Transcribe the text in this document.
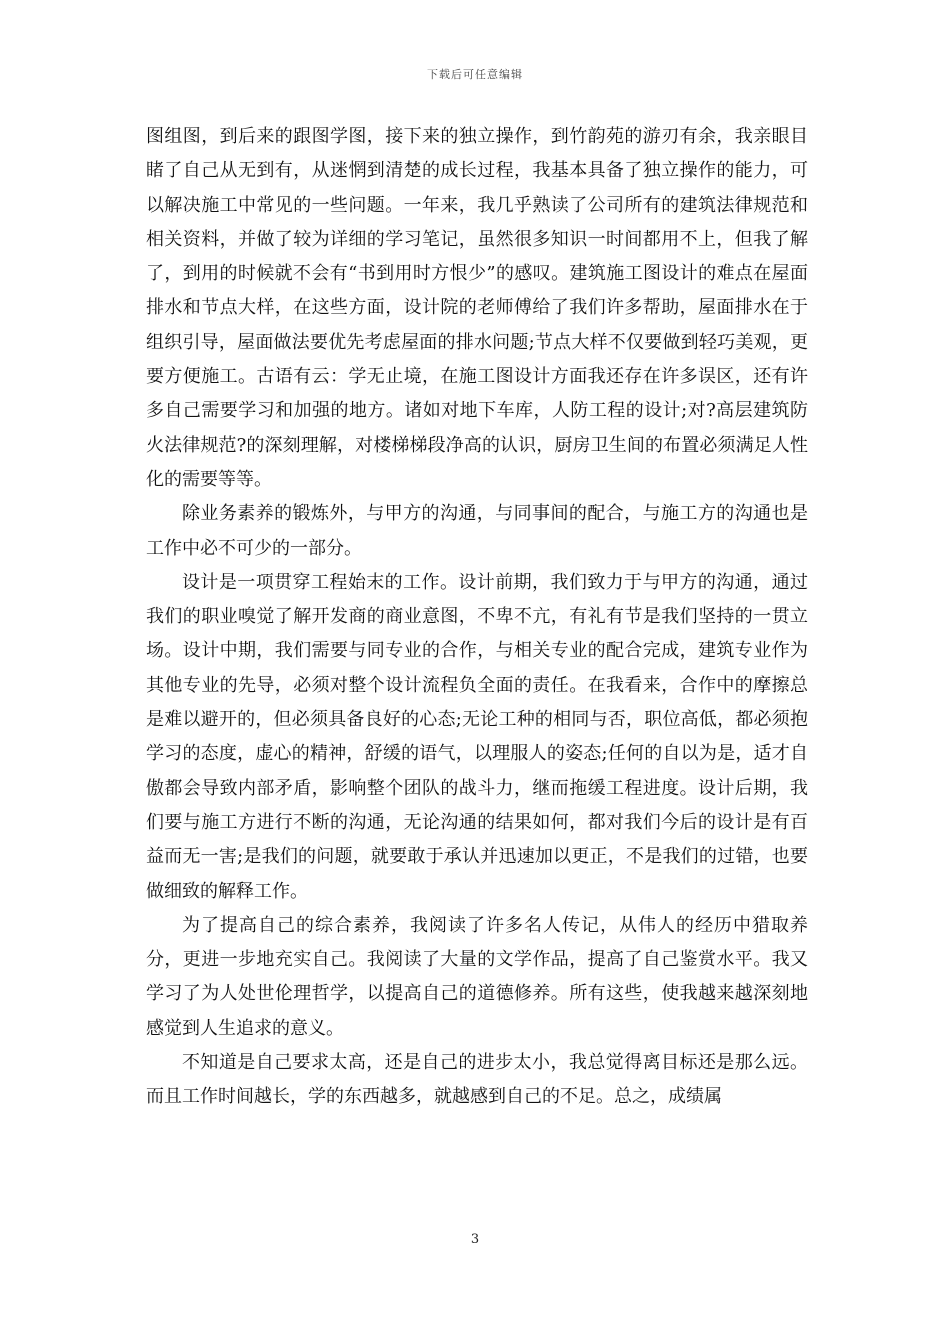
下载后可任意编辑

图组图，到后来的跟图学图，接下来的独立操作，到竹韵苑的游刃有余，我亲眼目睹了自己从无到有，从迷惘到清楚的成长过程，我基本具备了独立操作的能力，可以解决施工中常见的一些问题。一年来，我几乎熟读了公司所有的建筑法律规范和相关资料，并做了较为详细的学习笔记，虽然很多知识一时间都用不上，但我了解了，到用的时候就不会有“书到用时方恨少”的感叹。建筑施工图设计的难点在屋面排水和节点大样，在这些方面，设计院的老师傅给了我们许多帮助，屋面排水在于组织引导，屋面做法要优先考虑屋面的排水问题;节点大样不仅要做到轻巧美观，更要方便施工。古语有云：学无止境，在施工图设计方面我还存在许多误区，还有许多自己需要学习和加强的地方。诸如对地下车库，人防工程的设计;对?高层建筑防火法律规范?的深刻理解，对楼梯梯段净高的认识，厨房卫生间的布置必须满足人性化的需要等等。

除业务素养的锻炼外，与甲方的沟通，与同事间的配合，与施工方的沟通也是工作中必不可少的一部分。

设计是一项贯穿工程始末的工作。设计前期，我们致力于与甲方的沟通，通过我们的职业嗅觉了解开发商的商业意图，不卑不亢，有礼有节是我们坚持的一贯立场。设计中期，我们需要与同专业的合作，与相关专业的配合完成，建筑专业作为其他专业的先导，必须对整个设计流程负全面的责任。在我看来，合作中的摩擦总是难以避开的，但必须具备良好的心态;无论工种的相同与否，职位高低，都必须抱学习的态度，虚心的精神，舒缓的语气，以理服人的姿态;任何的自以为是，适才自傲都会导致内部矛盾，影响整个团队的战斗力，继而拖缓工程进度。设计后期，我们要与施工方进行不断的沟通，无论沟通的结果如何，都对我们今后的设计是有百益而无一害;是我们的问题，就要敢于承认并迅速加以更正，不是我们的过错，也要做细致的解释工作。

为了提高自己的综合素养，我阅读了许多名人传记，从伟人的经历中猎取养分，更进一步地充实自己。我阅读了大量的文学作品，提高了自己鉴赏水平。我又学习了为人处世伦理哲学，以提高自己的道德修养。所有这些，使我越来越深刻地感觉到人生追求的意义。

不知道是自己要求太高，还是自己的进步太小，我总觉得离目标还是那么远。而且工作时间越长，学的东西越多，就越感到自己的不足。总之，成绩属

3
